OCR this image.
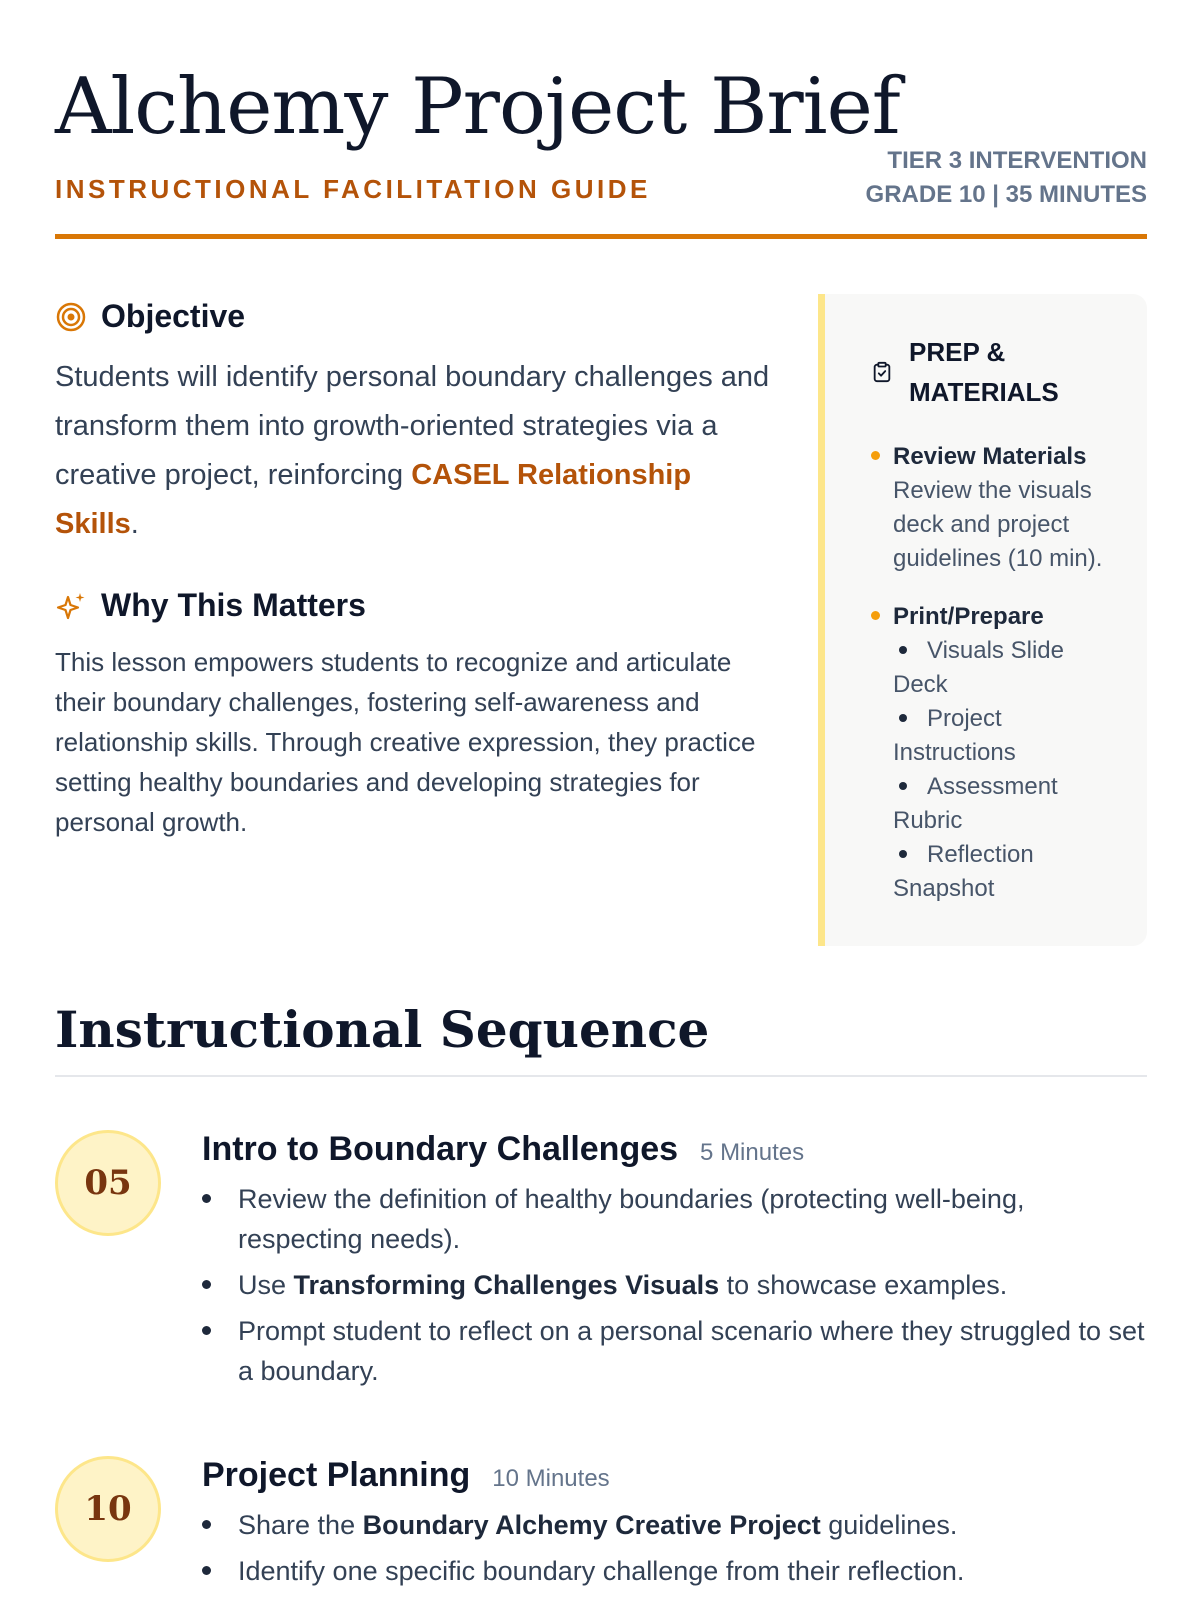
Alchemy Project Brief
INSTRUCTIONAL FACILITATION GUIDE
TIER 3 INTERVENTION
GRADE 10 | 35 MINUTES
Objective

Students will identify personal boundary challenges and transform them into growth-oriented strategies via a creative project, reinforcing CASEL Relationship Skills.

Why This Matters

This lesson empowers students to recognize and articulate their boundary challenges, fostering self-awareness and relationship skills. Through creative expression, they practice setting healthy boundaries and developing strategies for personal growth.

PREP & MATERIALS
Review Materials
Review the visuals deck and project guidelines (10 min).
Print/Prepare
Visuals Slide Deck
Project Instructions
Assessment Rubric
Reflection Snapshot
Instructional Sequence
05
Intro to Boundary Challenges 5 Minutes
Review the definition of healthy boundaries (protecting well-being, respecting needs).
Use Transforming Challenges Visuals to showcase examples.
Prompt student to reflect on a personal scenario where they struggled to set a boundary.
10
Project Planning 10 Minutes
Share the Boundary Alchemy Creative Project guidelines.
Identify one specific boundary challenge from their reflection.
